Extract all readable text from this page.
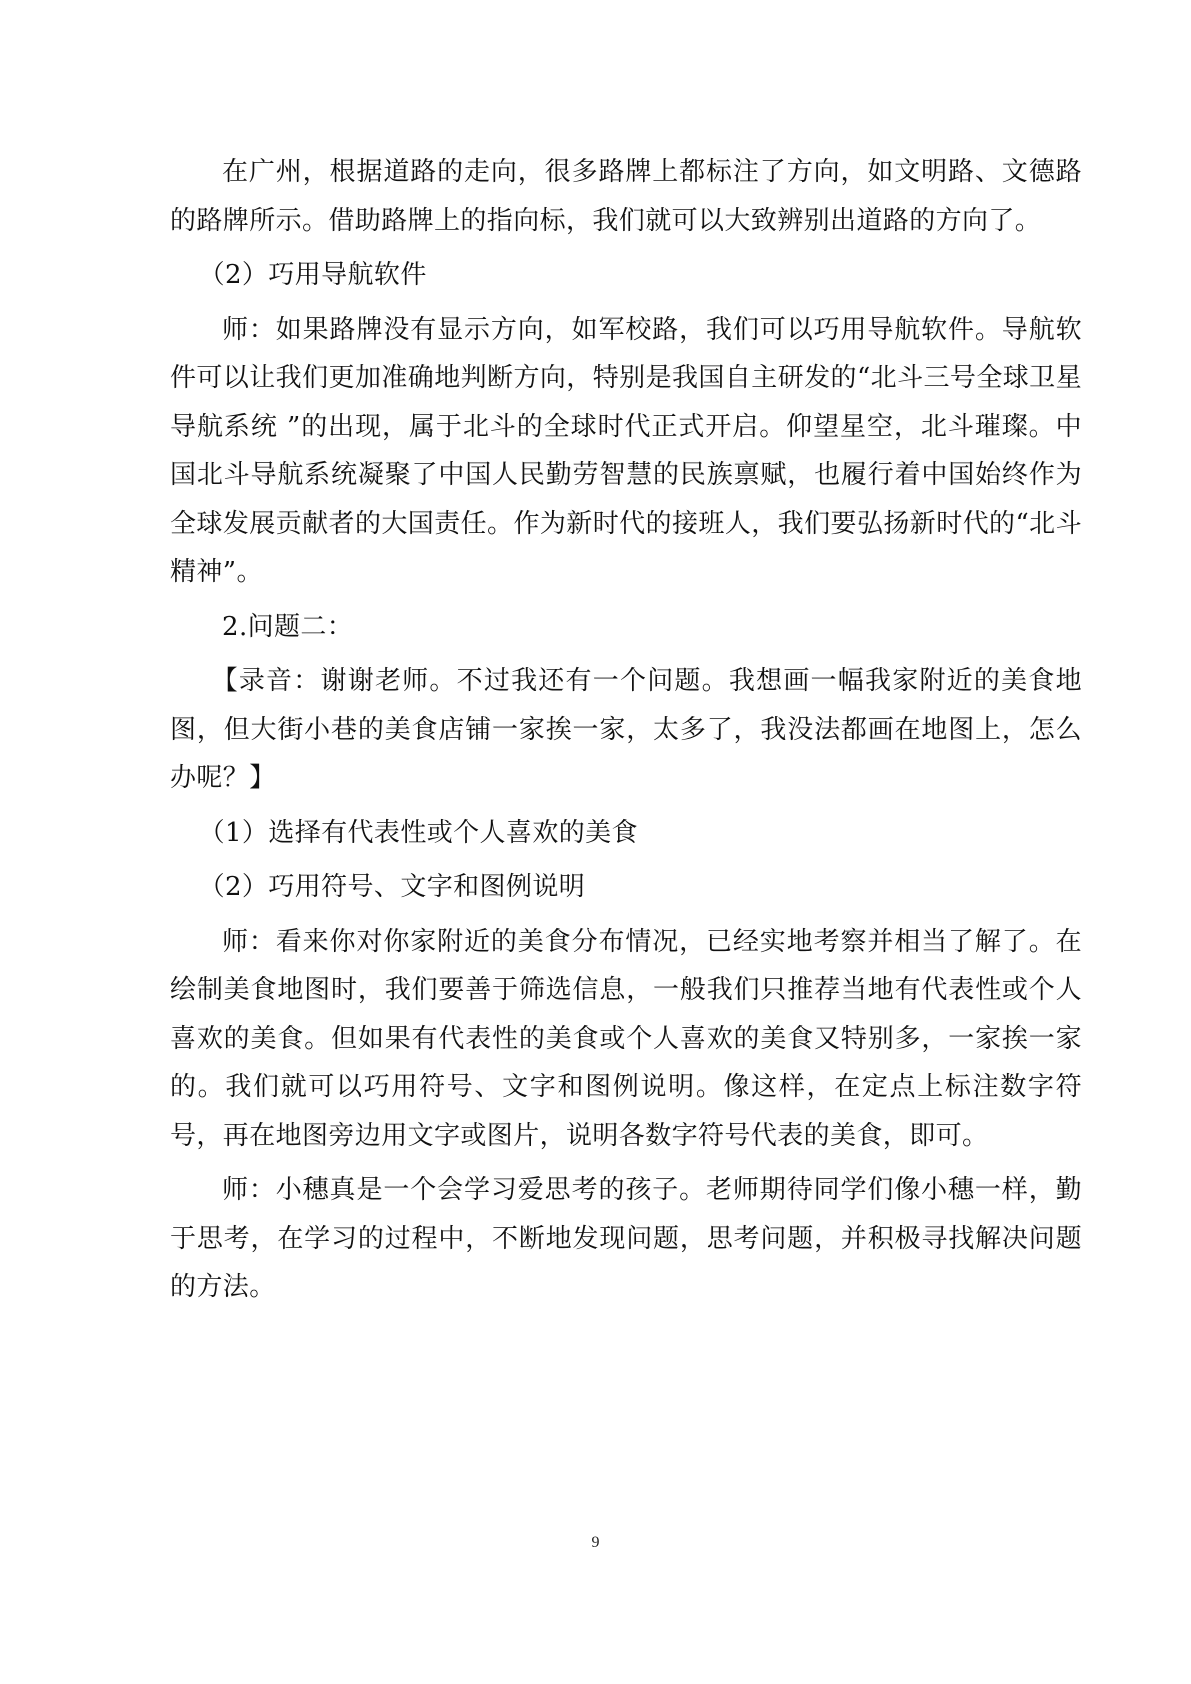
在广州，根据道路的走向，很多路牌上都标注了方向，如文明路、文德路的路牌所示。借助路牌上的指向标，我们就可以大致辨别出道路的方向了。

（2）巧用导航软件

师：如果路牌没有显示方向，如军校路，我们可以巧用导航软件。导航软件可以让我们更加准确地判断方向，特别是我国自主研发的“北斗三号全球卫星导航系统 ”的出现，属于北斗的全球时代正式开启。仰望星空，北斗璀璨。中国北斗导航系统凝聚了中国人民勤劳智慧的民族禀赋，也履行着中国始终作为全球发展贡献者的大国责任。作为新时代的接班人，我们要弘扬新时代的“北斗精神”。

2.问题二：

【录音：谢谢老师。不过我还有一个问题。我想画一幅我家附近的美食地图，但大街小巷的美食店铺一家挨一家，太多了，我没法都画在地图上，怎么办呢？】

（1）选择有代表性或个人喜欢的美食

（2）巧用符号、文字和图例说明

师：看来你对你家附近的美食分布情况，已经实地考察并相当了解了。在绘制美食地图时，我们要善于筛选信息，一般我们只推荐当地有代表性或个人喜欢的美食。但如果有代表性的美食或个人喜欢的美食又特别多，一家挨一家的。我们就可以巧用符号、文字和图例说明。像这样，在定点上标注数字符号，再在地图旁边用文字或图片，说明各数字符号代表的美食，即可。

师：小穗真是一个会学习爱思考的孩子。老师期待同学们像小穗一样，勤于思考，在学习的过程中，不断地发现问题，思考问题，并积极寻找解决问题的方法。

9
